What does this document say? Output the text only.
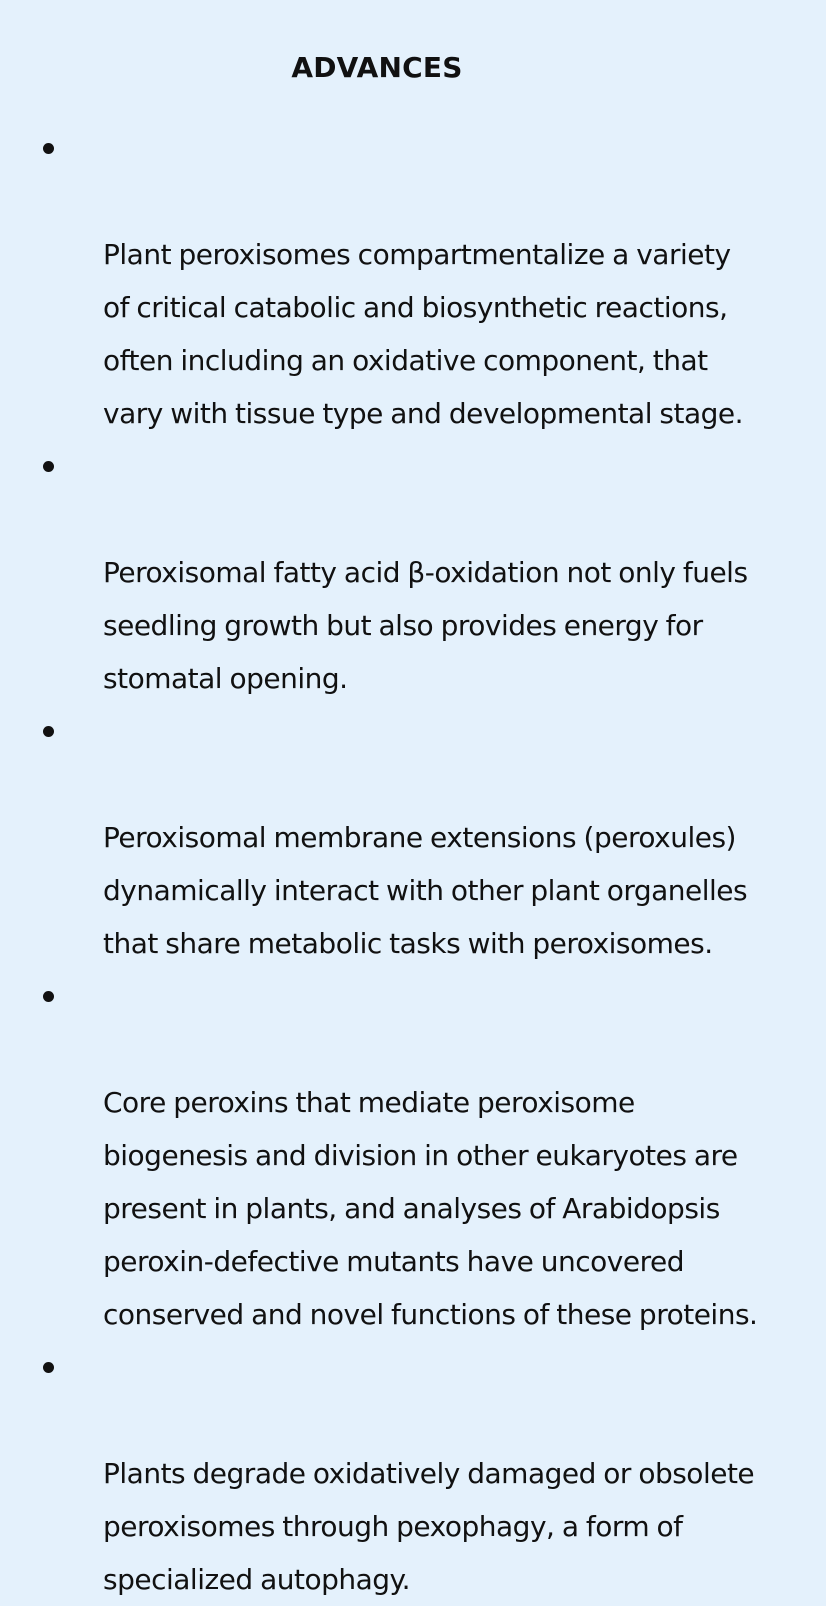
ADVANCES

Plant peroxisomes compartmentalize a variety
of critical catabolic and biosynthetic reactions,
often including an oxidative component, that
vary with tissue type and developmental stage.

Peroxisomal fatty acid β-oxidation not only fuels
seedling growth but also provides energy for
stomatal opening.

Peroxisomal membrane extensions (peroxules)
dynamically interact with other plant organelles
that share metabolic tasks with peroxisomes.

Core peroxins that mediate peroxisome
biogenesis and division in other eukaryotes are
present in plants, and analyses of Arabidopsis
peroxin-defective mutants have uncovered
conserved and novel functions of these proteins.

Plants degrade oxidatively damaged or obsolete
peroxisomes through pexophagy, a form of
specialized autophagy.
